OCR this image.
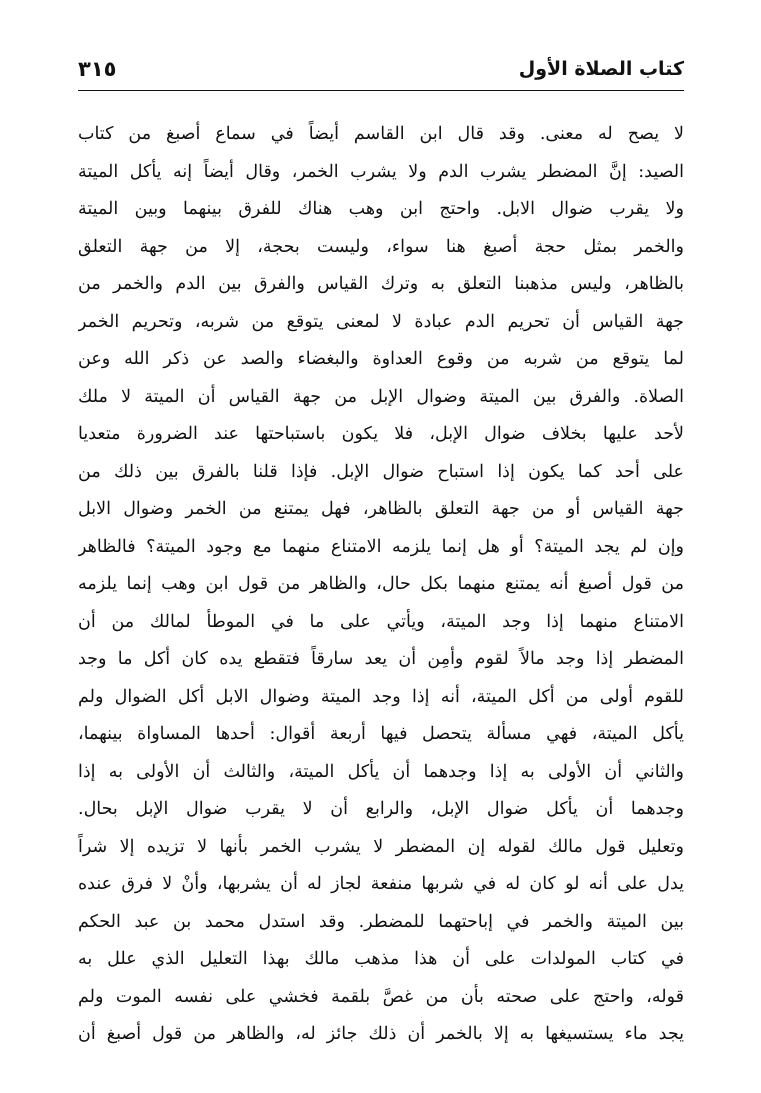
كتاب الصلاة الأول
٣١٥
لا يصح له معنى. وقد قال ابن القاسم أيضاً في سماع أصبغ من كتاب
الصيد: إنَّ المضطر يشرب الدم ولا يشرب الخمر، وقال أيضاً إنه يأكل الميتة
ولا يقرب ضوال الابل. واحتج ابن وهب هناك للفرق بينهما وبين الميتة
والخمر بمثل حجة أصبغ هنا سواء، وليست بحجة، إلا من جهة التعلق
بالظاهر، وليس مذهبنا التعلق به وترك القياس والفرق بين الدم والخمر من
جهة القياس أن تحريم الدم عبادة لا لمعنى يتوقع من شربه، وتحريم الخمر
لما يتوقع من شربه من وقوع العداوة والبغضاء والصد عن ذكر الله وعن
الصلاة. والفرق بين الميتة وضوال الإبل من جهة القياس أن الميتة لا ملك
لأحد عليها بخلاف ضوال الإبل، فلا يكون باستباحتها عند الضرورة متعديا
على أحد كما يكون إذا استباح ضوال الإبل. فإذا قلنا بالفرق بين ذلك من
جهة القياس أو من جهة التعلق بالظاهر، فهل يمتنع من الخمر وضوال الابل
وإن لم يجد الميتة؟ أو هل إنما يلزمه الامتناع منهما مع وجود الميتة؟ فالظاهر
من قول أصبغ أنه يمتنع منهما بكل حال، والظاهر من قول ابن وهب إنما يلزمه
الامتناع منهما إذا وجد الميتة، ويأتي على ما في الموطأ لمالك من أن
المضطر إذا وجد مالاً لقوم وأمِن أن يعد سارقاً فتقطع يده كان أكل ما وجد
للقوم أولى من أكل الميتة، أنه إذا وجد الميتة وضوال الابل أكل الضوال ولم
يأكل الميتة، فهي مسألة يتحصل فيها أربعة أقوال: أحدها المساواة بينهما،
والثاني أن الأولى به إذا وجدهما أن يأكل الميتة، والثالث أن الأولى به إذا
وجدهما أن يأكل ضوال الإبل، والرابع أن لا يقرب ضوال الإبل بحال.
وتعليل قول مالك لقوله إن المضطر لا يشرب الخمر بأنها لا تزيده إلا شراً
يدل على أنه لو كان له في شربها منفعة لجاز له أن يشربها، وأنْ لا فرق عنده
بين الميتة والخمر في إباحتهما للمضطر. وقد استدل محمد بن عبد الحكم
في كتاب المولدات على أن هذا مذهب مالك بهذا التعليل الذي علل به
قوله، واحتج على صحته بأن من غصَّ بلقمة فخشي على نفسه الموت ولم
يجد ماء يستسيغها به إلا بالخمر أن ذلك جائز له، والظاهر من قول أصبغ أن
